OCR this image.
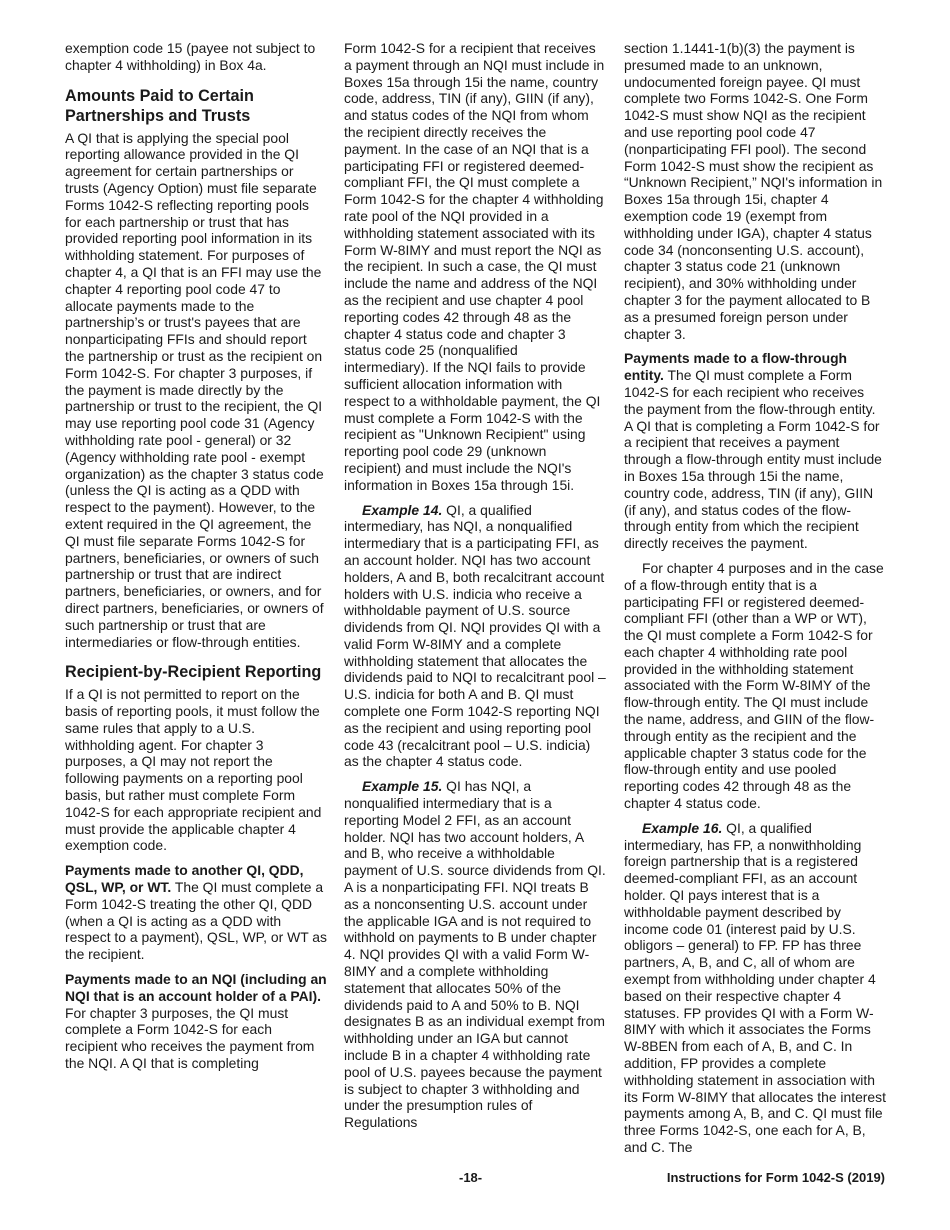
exemption code 15 (payee not subject to chapter 4 withholding) in Box 4a.

Amounts Paid to Certain Partnerships and Trusts

A QI that is applying the special pool reporting allowance provided in the QI agreement for certain partnerships or trusts (Agency Option) must file separate Forms 1042-S reflecting reporting pools for each partnership or trust that has provided reporting pool information in its withholding statement. For purposes of chapter 4, a QI that is an FFI may use the chapter 4 reporting pool code 47 to allocate payments made to the partnership’s or trust's payees that are nonparticipating FFIs and should report the partnership or trust as the recipient on Form 1042-S. For chapter 3 purposes, if the payment is made directly by the partnership or trust to the recipient, the QI may use reporting pool code 31 (Agency withholding rate pool - general) or 32 (Agency withholding rate pool - exempt organization) as the chapter 3 status code (unless the QI is acting as a QDD with respect to the payment). However, to the extent required in the QI agreement, the QI must file separate Forms 1042-S for partners, beneficiaries, or owners of such partnership or trust that are indirect partners, beneficiaries, or owners, and for direct partners, beneficiaries, or owners of such partnership or trust that are intermediaries or flow-through entities.

Recipient-by-Recipient Reporting

If a QI is not permitted to report on the basis of reporting pools, it must follow the same rules that apply to a U.S. withholding agent. For chapter 3 purposes, a QI may not report the following payments on a reporting pool basis, but rather must complete Form 1042-S for each appropriate recipient and must provide the applicable chapter 4 exemption code.

Payments made to another QI, QDD, QSL, WP, or WT. The QI must complete a Form 1042-S treating the other QI, QDD (when a QI is acting as a QDD with respect to a payment), QSL, WP, or WT as the recipient.

Payments made to an NQI (including an NQI that is an account holder of a PAI). For chapter 3 purposes, the QI must complete a Form 1042-S for each recipient who receives the payment from the NQI. A QI that is completing

Form 1042-S for a recipient that receives a payment through an NQI must include in Boxes 15a through 15i the name, country code, address, TIN (if any), GIIN (if any), and status codes of the NQI from whom the recipient directly receives the payment. In the case of an NQI that is a participating FFI or registered deemed-compliant FFI, the QI must complete a Form 1042-S for the chapter 4 withholding rate pool of the NQI provided in a withholding statement associated with its Form W-8IMY and must report the NQI as the recipient. In such a case, the QI must include the name and address of the NQI as the recipient and use chapter 4 pool reporting codes 42 through 48 as the chapter 4 status code and chapter 3 status code 25 (nonqualified intermediary). If the NQI fails to provide sufficient allocation information with respect to a withholdable payment, the QI must complete a Form 1042-S with the recipient as "Unknown Recipient" using reporting pool code 29 (unknown recipient) and must include the NQI's information in Boxes 15a through 15i.

Example 14. QI, a qualified intermediary, has NQI, a nonqualified intermediary that is a participating FFI, as an account holder. NQI has two account holders, A and B, both recalcitrant account holders with U.S. indicia who receive a withholdable payment of U.S. source dividends from QI. NQI provides QI with a valid Form W-8IMY and a complete withholding statement that allocates the dividends paid to NQI to recalcitrant pool – U.S. indicia for both A and B. QI must complete one Form 1042-S reporting NQI as the recipient and using reporting pool code 43 (recalcitrant pool – U.S. indicia) as the chapter 4 status code.

Example 15. QI has NQI, a nonqualified intermediary that is a reporting Model 2 FFI, as an account holder. NQI has two account holders, A and B, who receive a withholdable payment of U.S. source dividends from QI. A is a nonparticipating FFI. NQI treats B as a nonconsenting U.S. account under the applicable IGA and is not required to withhold on payments to B under chapter 4. NQI provides QI with a valid Form W-8IMY and a complete withholding statement that allocates 50% of the dividends paid to A and 50% to B. NQI designates B as an individual exempt from withholding under an IGA but cannot include B in a chapter 4 withholding rate pool of U.S. payees because the payment is subject to chapter 3 withholding and under the presumption rules of Regulations

section 1.1441-1(b)(3) the payment is presumed made to an unknown, undocumented foreign payee. QI must complete two Forms 1042-S. One Form 1042-S must show NQI as the recipient and use reporting pool code 47 (nonparticipating FFI pool). The second Form 1042-S must show the recipient as “Unknown Recipient,” NQI's information in Boxes 15a through 15i, chapter 4 exemption code 19 (exempt from withholding under IGA), chapter 4 status code 34 (nonconsenting U.S. account), chapter 3 status code 21 (unknown recipient), and 30% withholding under chapter 3 for the payment allocated to B as a presumed foreign person under chapter 3.

Payments made to a flow-through entity. The QI must complete a Form 1042-S for each recipient who receives the payment from the flow-through entity. A QI that is completing a Form 1042-S for a recipient that receives a payment through a flow-through entity must include in Boxes 15a through 15i the name, country code, address, TIN (if any), GIIN (if any), and status codes of the flow-through entity from which the recipient directly receives the payment.

For chapter 4 purposes and in the case of a flow-through entity that is a participating FFI or registered deemed-compliant FFI (other than a WP or WT), the QI must complete a Form 1042-S for each chapter 4 withholding rate pool provided in the withholding statement associated with the Form W-8IMY of the flow-through entity. The QI must include the name, address, and GIIN of the flow-through entity as the recipient and the applicable chapter 3 status code for the flow-through entity and use pooled reporting codes 42 through 48 as the chapter 4 status code.

Example 16. QI, a qualified intermediary, has FP, a nonwithholding foreign partnership that is a registered deemed-compliant FFI, as an account holder. QI pays interest that is a withholdable payment described by income code 01 (interest paid by U.S. obligors – general) to FP. FP has three partners, A, B, and C, all of whom are exempt from withholding under chapter 4 based on their respective chapter 4 statuses. FP provides QI with a Form W-8IMY with which it associates the Forms W-8BEN from each of A, B, and C. In addition, FP provides a complete withholding statement in association with its Form W-8IMY that allocates the interest payments among A, B, and C. QI must file three Forms 1042-S, one each for A, B, and C. The

-18-	Instructions for Form 1042-S (2019)
